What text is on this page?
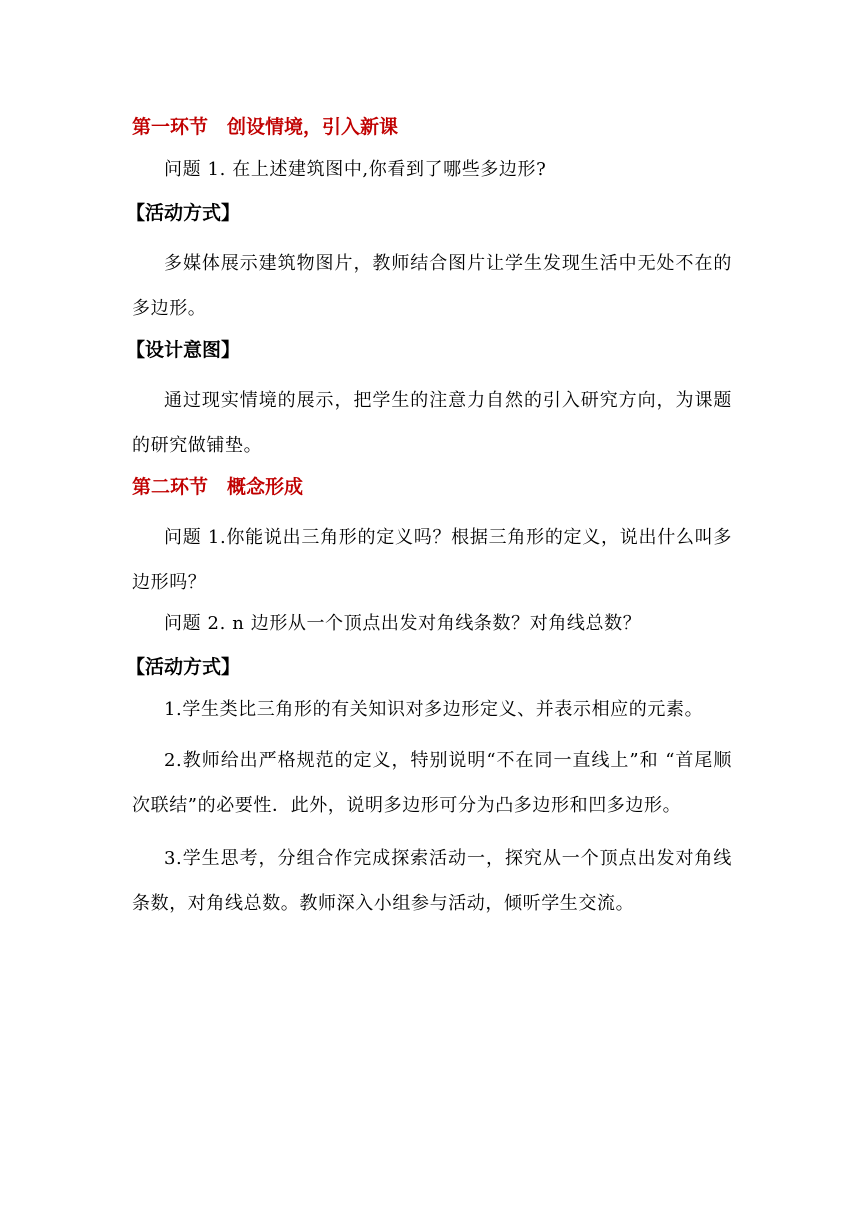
第一环节　创设情境，引入新课

问题 1. 在上述建筑图中,你看到了哪些多边形?

【活动方式】

多媒体展示建筑物图片，教师结合图片让学生发现生活中无处不在的多边形。

【设计意图】

通过现实情境的展示，把学生的注意力自然的引入研究方向，为课题的研究做铺垫。

第二环节　概念形成

问题 1.你能说出三角形的定义吗？根据三角形的定义，说出什么叫多边形吗？

问题 2. n 边形从一个顶点出发对角线条数？对角线总数？

【活动方式】

1.学生类比三角形的有关知识对多边形定义、并表示相应的元素。

2.教师给出严格规范的定义，特别说明“不在同一直线上”和 “首尾顺次联结”的必要性．此外，说明多边形可分为凸多边形和凹多边形。

3.学生思考，分组合作完成探索活动一，探究从一个顶点出发对角线条数，对角线总数。教师深入小组参与活动，倾听学生交流。
